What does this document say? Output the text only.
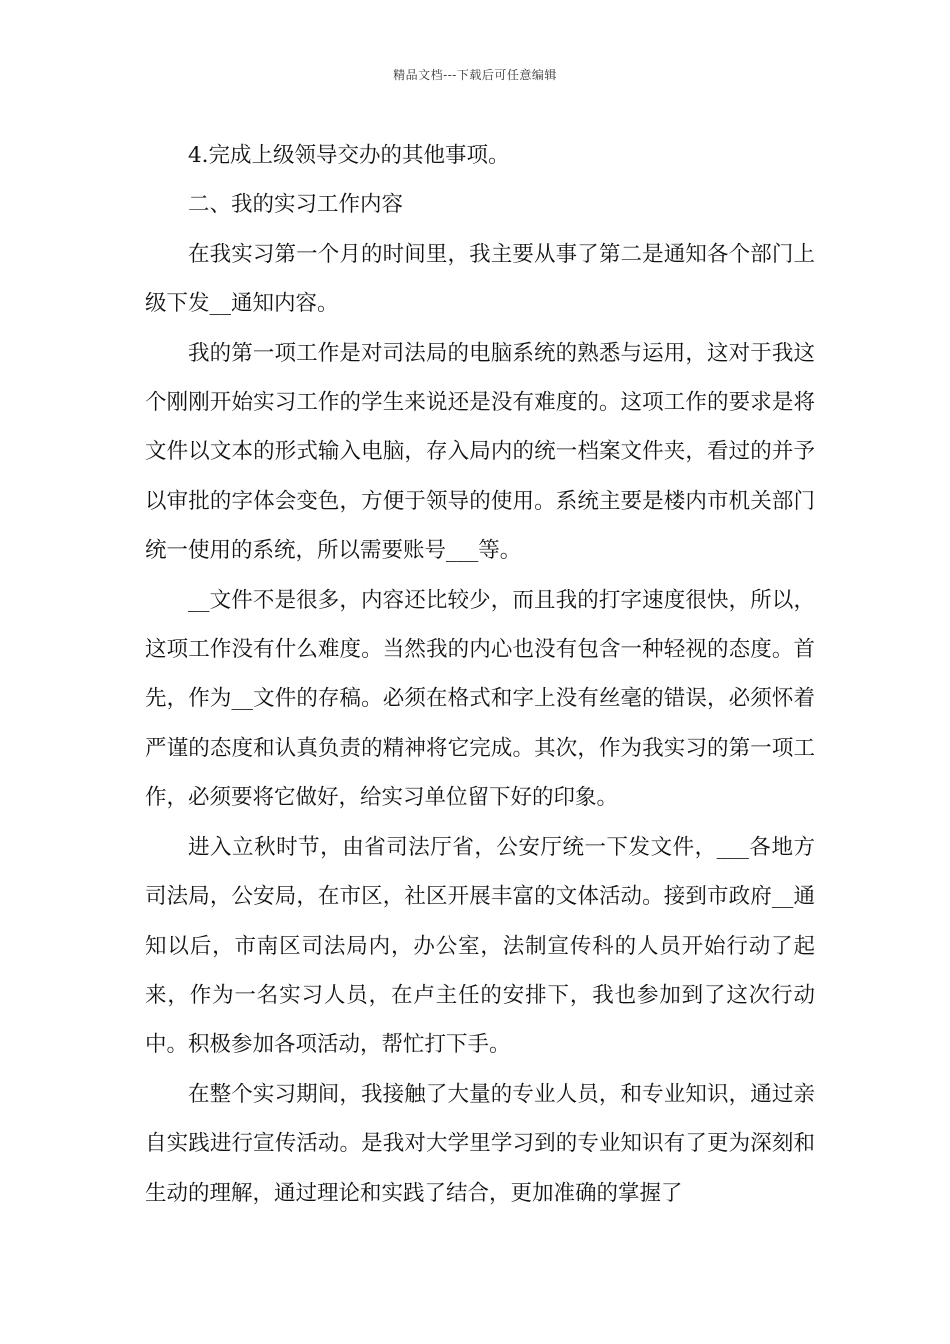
精品文档---下载后可任意编辑

4.完成上级领导交办的其他事项。

二、我的实习工作内容

在我实习第一个月的时间里，我主要从事了第二是通知各个部门上级下发__通知内容。

我的第一项工作是对司法局的电脑系统的熟悉与运用，这对于我这个刚刚开始实习工作的学生来说还是没有难度的。这项工作的要求是将文件以文本的形式输入电脑，存入局内的统一档案文件夹，看过的并予以审批的字体会变色，方便于领导的使用。系统主要是楼内市机关部门统一使用的系统，所以需要账号___等。

__文件不是很多，内容还比较少，而且我的打字速度很快，所以，这项工作没有什么难度。当然我的内心也没有包含一种轻视的态度。首先，作为__文件的存稿。必须在格式和字上没有丝毫的错误，必须怀着严谨的态度和认真负责的精神将它完成。其次，作为我实习的第一项工作，必须要将它做好，给实习单位留下好的印象。

进入立秋时节，由省司法厅省，公安厅统一下发文件，___各地方司法局，公安局，在市区，社区开展丰富的文体活动。接到市政府__通知以后，市南区司法局内，办公室，法制宣传科的人员开始行动了起来，作为一名实习人员，在卢主任的安排下，我也参加到了这次行动中。积极参加各项活动，帮忙打下手。

在整个实习期间，我接触了大量的专业人员，和专业知识，通过亲自实践进行宣传活动。是我对大学里学习到的专业知识有了更为深刻和生动的理解，通过理论和实践了结合，更加准确的掌握了
